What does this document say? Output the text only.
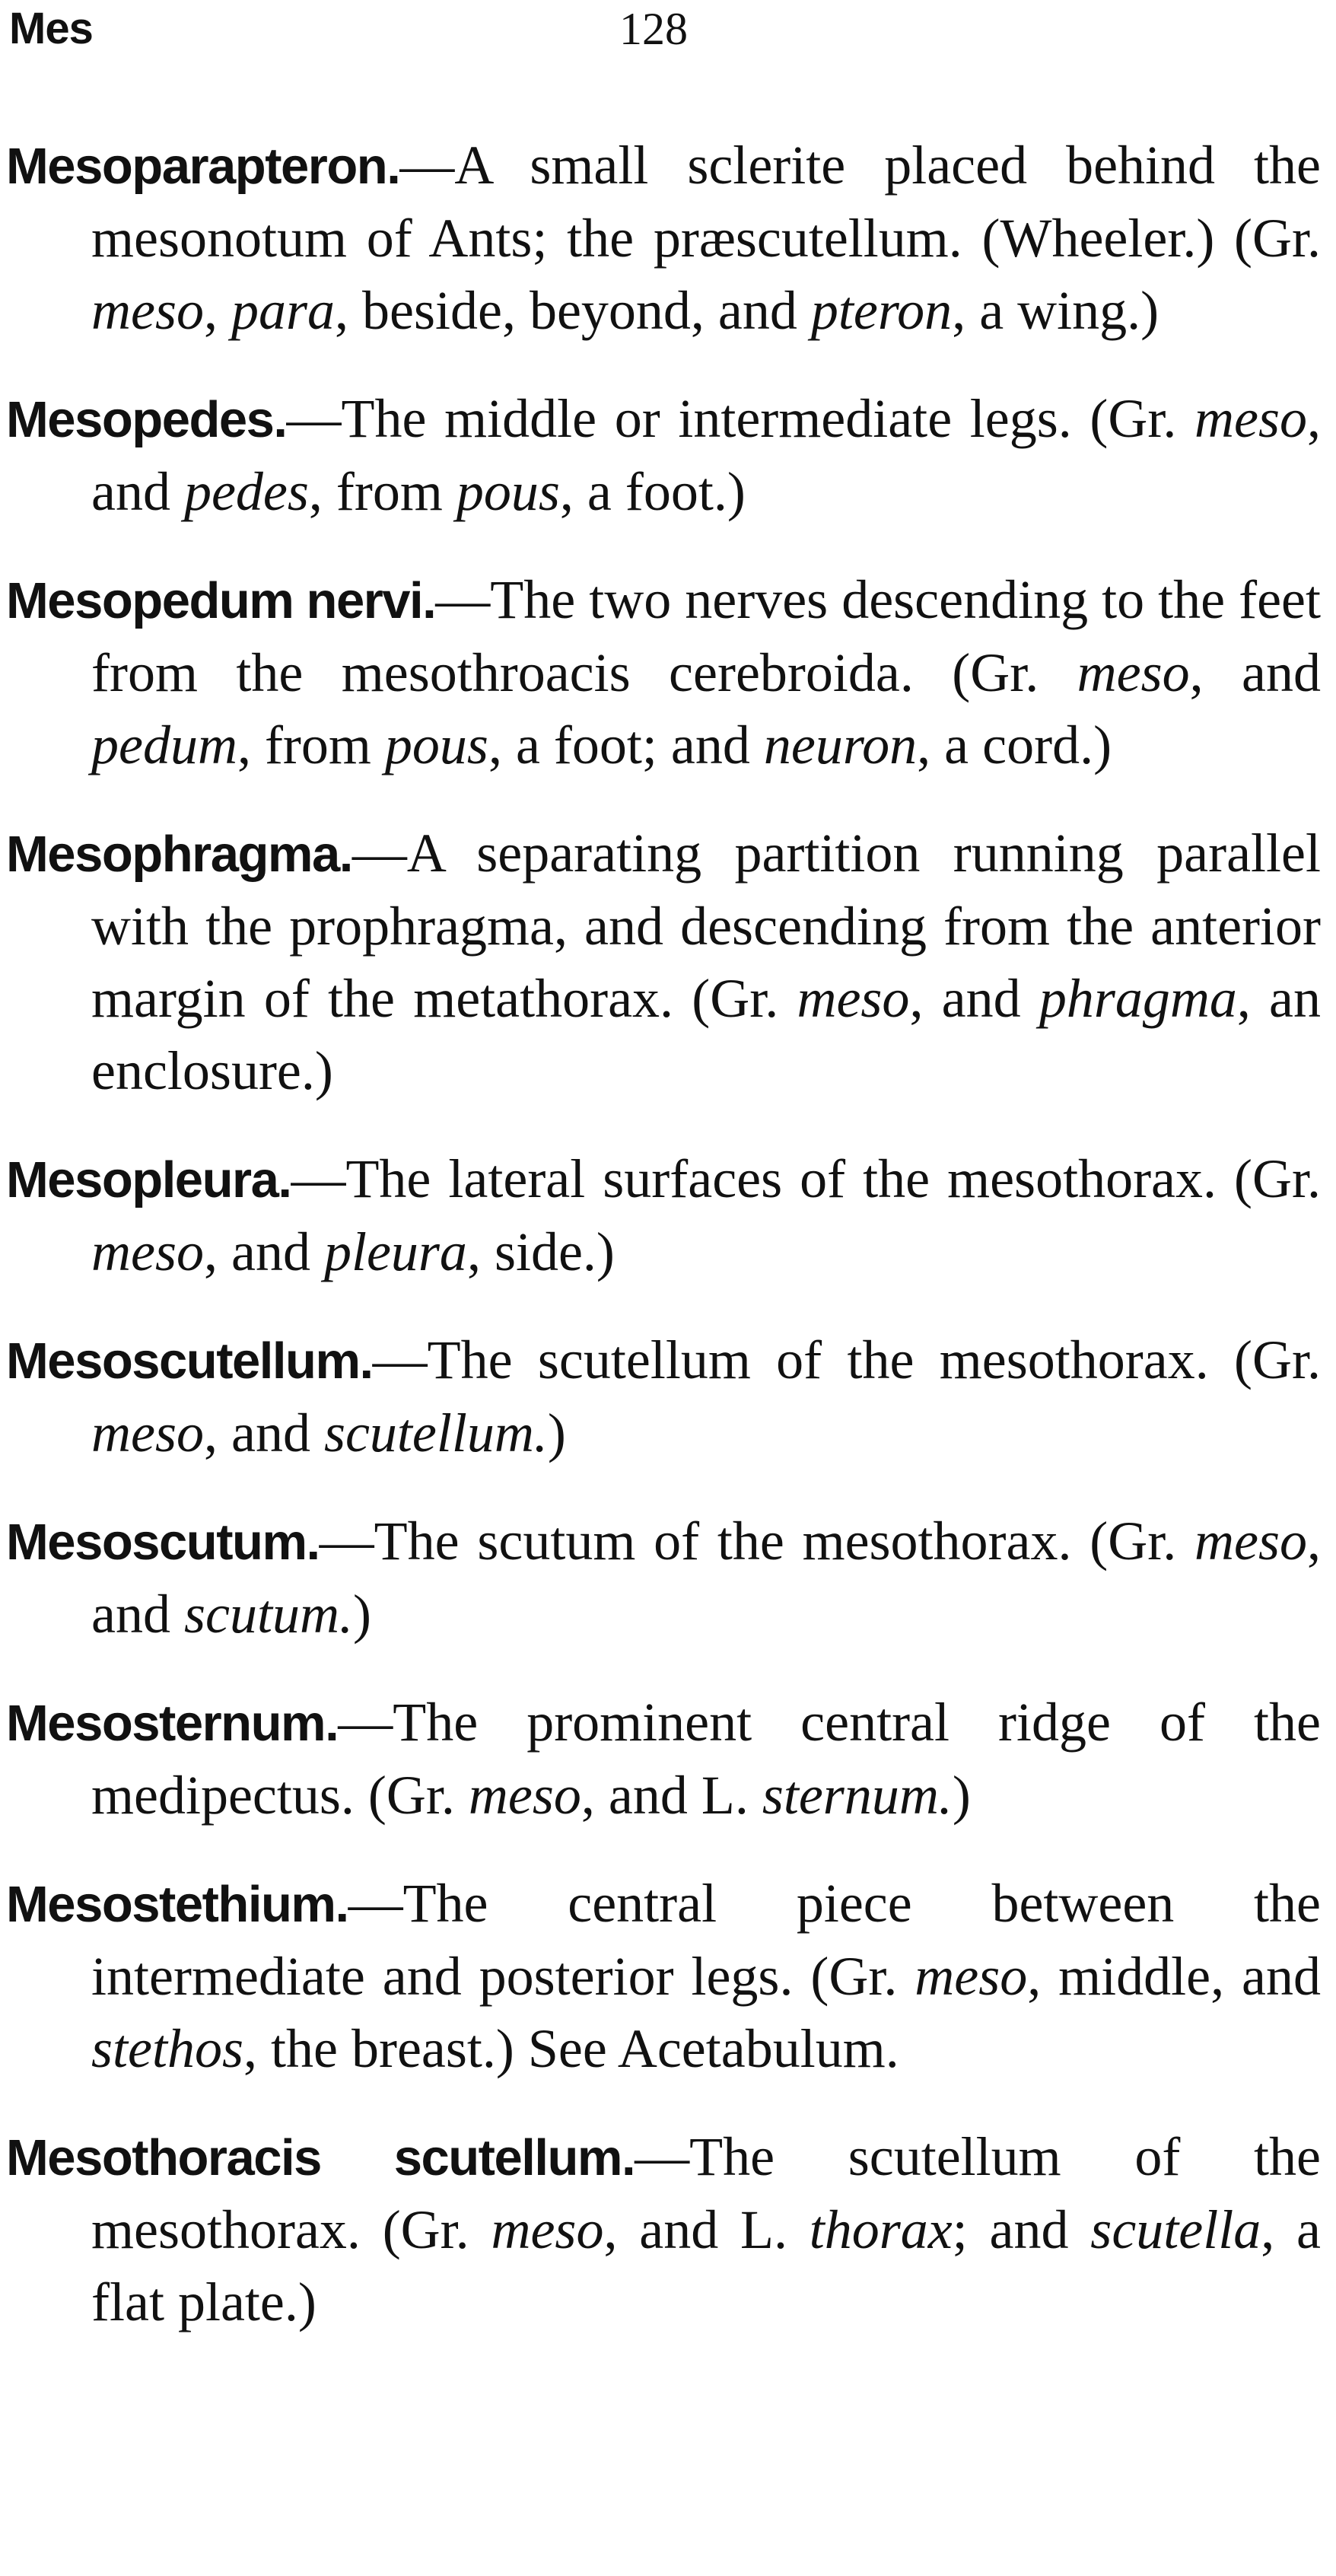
Mes	128

Mesoparapteron.—A small sclerite placed behind the mesonotum of Ants; the præscutellum. (Wheeler.) (Gr. meso, para, beside, beyond, and pteron, a wing.)

Mesopedes.—The middle or intermediate legs. (Gr. meso, and pedes, from pous, a foot.)

Mesopedum nervi.—The two nerves descending to the feet from the mesothroacis cerebroida. (Gr. meso, and pedum, from pous, a foot; and neuron, a cord.)

Mesophragma.—A separating partition running parallel with the prophragma, and descending from the anterior margin of the metathorax. (Gr. meso, and phragma, an enclosure.)

Mesopleura.—The lateral surfaces of the mesothorax. (Gr. meso, and pleura, side.)

Mesoscutellum.—The scutellum of the mesothorax. (Gr. meso, and scutellum.)

Mesoscutum.—The scutum of the mesothorax. (Gr. meso, and scutum.)

Mesosternum.—The prominent central ridge of the medipectus. (Gr. meso, and L. sternum.)

Mesostethium.—The central piece between the intermediate and posterior legs. (Gr. meso, middle, and stethos, the breast.) See Acetabulum.

Mesothoracis scutellum.—The scutellum of the mesothorax. (Gr. meso, and L. thorax; and scutella, a flat plate.)
